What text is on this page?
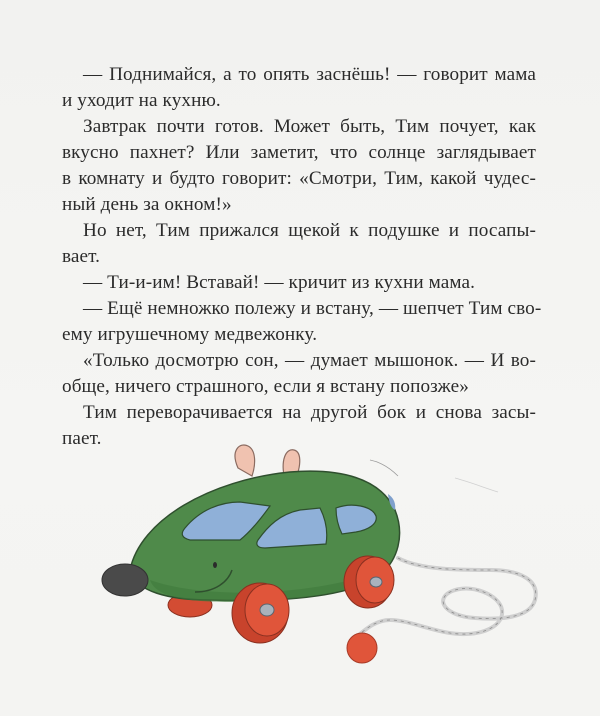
— Поднимайся, а то опять заснёшь! — говорит мама
и уходит на кухню.

Завтрак почти готов. Может быть, Тим почует, как
вкусно пахнет? Или заметит, что солнце заглядывает
в комнату и будто говорит: «Смотри, Тим, какой чудес-
ный день за окном!»

Но нет, Тим прижался щекой к подушке и посапы-
вает.

— Ти-и-им! Вставай! — кричит из кухни мама.

— Ещё немножко полежу и встану, — шепчет Тим сво-
ему игрушечному медвежонку.

«Только досмотрю сон, — думает мышонок. — И во-
обще, ничего страшного, если я встану попозже»

Тим переворачивается на другой бок и снова засы-
пает.
